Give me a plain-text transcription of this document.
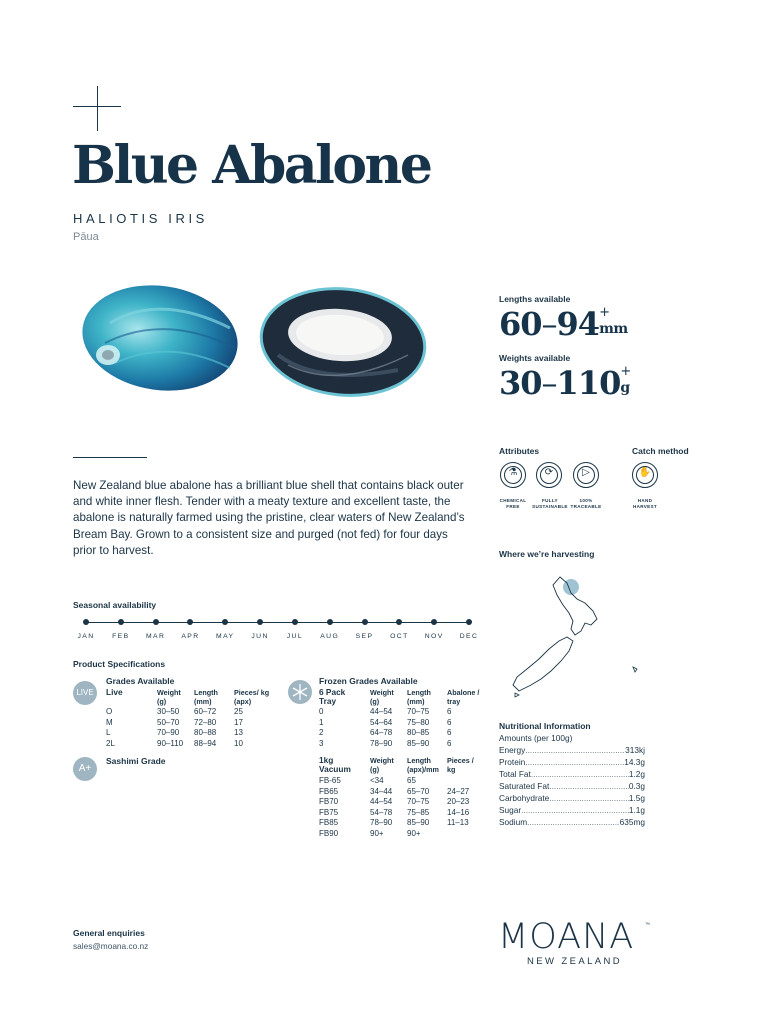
Blue Abalone
HALIOTIS IRIS
Pāua
New Zealand blue abalone has a brilliant blue shell that contains black outer and white inner flesh. Tender with a meaty texture and excellent taste, the abalone is naturally farmed using the pristine, clear waters of New Zealand’s Bream Bay. Grown to a consistent size and purged (not fed) for four days prior to harvest.
Lengths available
60–94 +
mm
Weights available
30–110 +
g
Attributes	Catch method
⚗
CHEMICAL
FREE
⟳
FULLY
SUSTAINABLE
▷
100%
TRACEABLE
✋
HAND
HARVEST
Where we’re harvesting
Seasonal availability
JAN	FEB	MAR	APR	MAY	JUN	JUL	AUG	SEP	OCT	NOV	DEC
Product Specifications
LIVE
Grades Available
Live	Weight (g)
Length (mm)
Pieces/ kg (apx)
O	30–50 60–72 25
M	50–70 72–80 17
L	70–90 80–88 13
2L	90–110 88–94 10
A+
Sashimi Grade
Frozen Grades Available
6 Pack Tray
Weight (g)
Length (mm)
Abalone / tray
0	44–54 70–75 6
1	54–64 75–80 6
2	64–78 80–85 6
3	78–90 85–90 6
1kg Vacuum
Weight (g)
Length (apx)/mm
Pieces / kg
FB-65	<34	65
FB65	34–44 65–70 24–27
FB70	44–54 70–75 20–23
FB75	54–78 75–85 14–16
FB85	78–90 85–90 11–13
FB90	90+	90+
Nutritional Information
Amounts (per 100g)
Energy .....	313kj
Protein .....	14.3g
Total Fat .....	1.2g
Saturated Fat .....	0.3g
Carbohydrate .....	1.5g
Sugar .....	1.1g
Sodium .....	635mg
General enquiries
sales@moana.co.nz	MOANA ™
NEW ZEALAND
